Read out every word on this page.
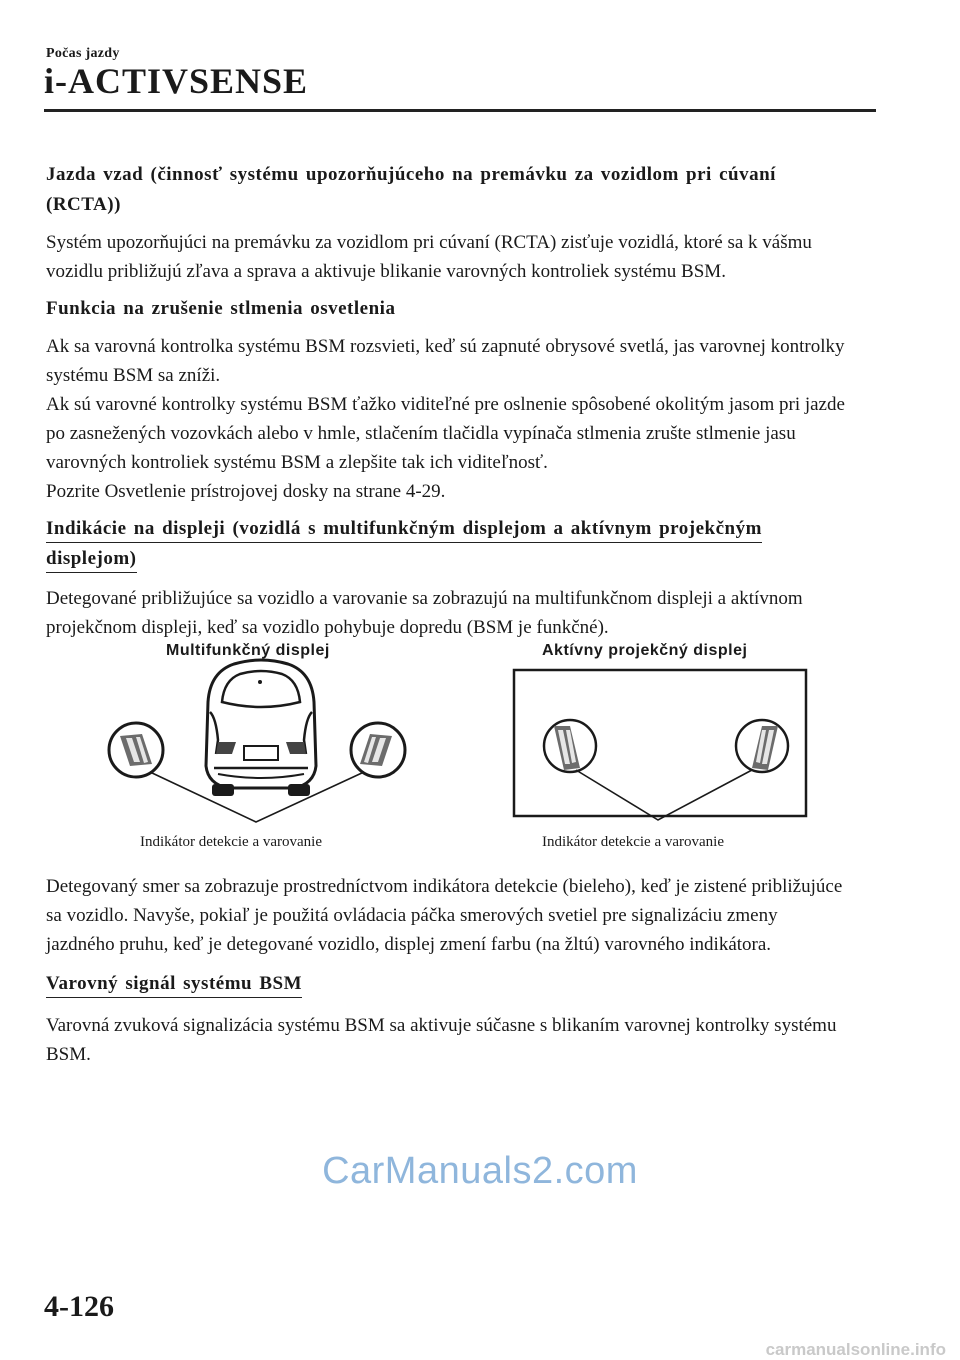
Počas jazdy
i-ACTIVSENSE
Jazda vzad (činnosť systému upozorňujúceho na premávku za vozidlom pri cúvaní (RCTA))

Systém upozorňujúci na premávku za vozidlom pri cúvaní (RCTA) zisťuje vozidlá, ktoré sa k vášmu vozidlu približujú zľava a sprava a aktivuje blikanie varovných kontroliek systému BSM.

Funkcia na zrušenie stlmenia osvetlenia

Ak sa varovná kontrolka systému BSM rozsvieti, keď sú zapnuté obrysové svetlá, jas varovnej kontrolky systému BSM sa zníži.

Ak sú varovné kontrolky systému BSM ťažko viditeľné pre oslnenie spôsobené okolitým jasom pri jazde po zasnežených vozovkách alebo v hmle, stlačením tlačidla vypínača stlmenia zrušte stlmenie jasu varovných kontroliek systému BSM a zlepšite tak ich viditeľnosť.

Pozrite Osvetlenie prístrojovej dosky na strane 4-29.

Indikácie na displeji (vozidlá s multifunkčným displejom a aktívnym projekčným displejom)

Detegované približujúce sa vozidlo a varovanie sa zobrazujú na multifunkčnom displeji a aktívnom projekčnom displeji, keď sa vozidlo pohybuje dopredu (BSM je funkčné).

Multifunkčný displej	Aktívny projekčný displej
Indikátor detekcie a varovanie	Indikátor detekcie a varovanie

Detegovaný smer sa zobrazuje prostredníctvom indikátora detekcie (bieleho), keď je zistené približujúce sa vozidlo. Navyše, pokiaľ je použitá ovládacia páčka smerových svetiel pre signalizáciu zmeny jazdného pruhu, keď je detegované vozidlo, displej zmení farbu (na žltú) varovného indikátora.

Varovný signál systému BSM

Varovná zvuková signalizácia systému BSM sa aktivuje súčasne s blikaním varovnej kontrolky systému BSM.

CarManuals2.com
4-126
carmanualsonline.info
